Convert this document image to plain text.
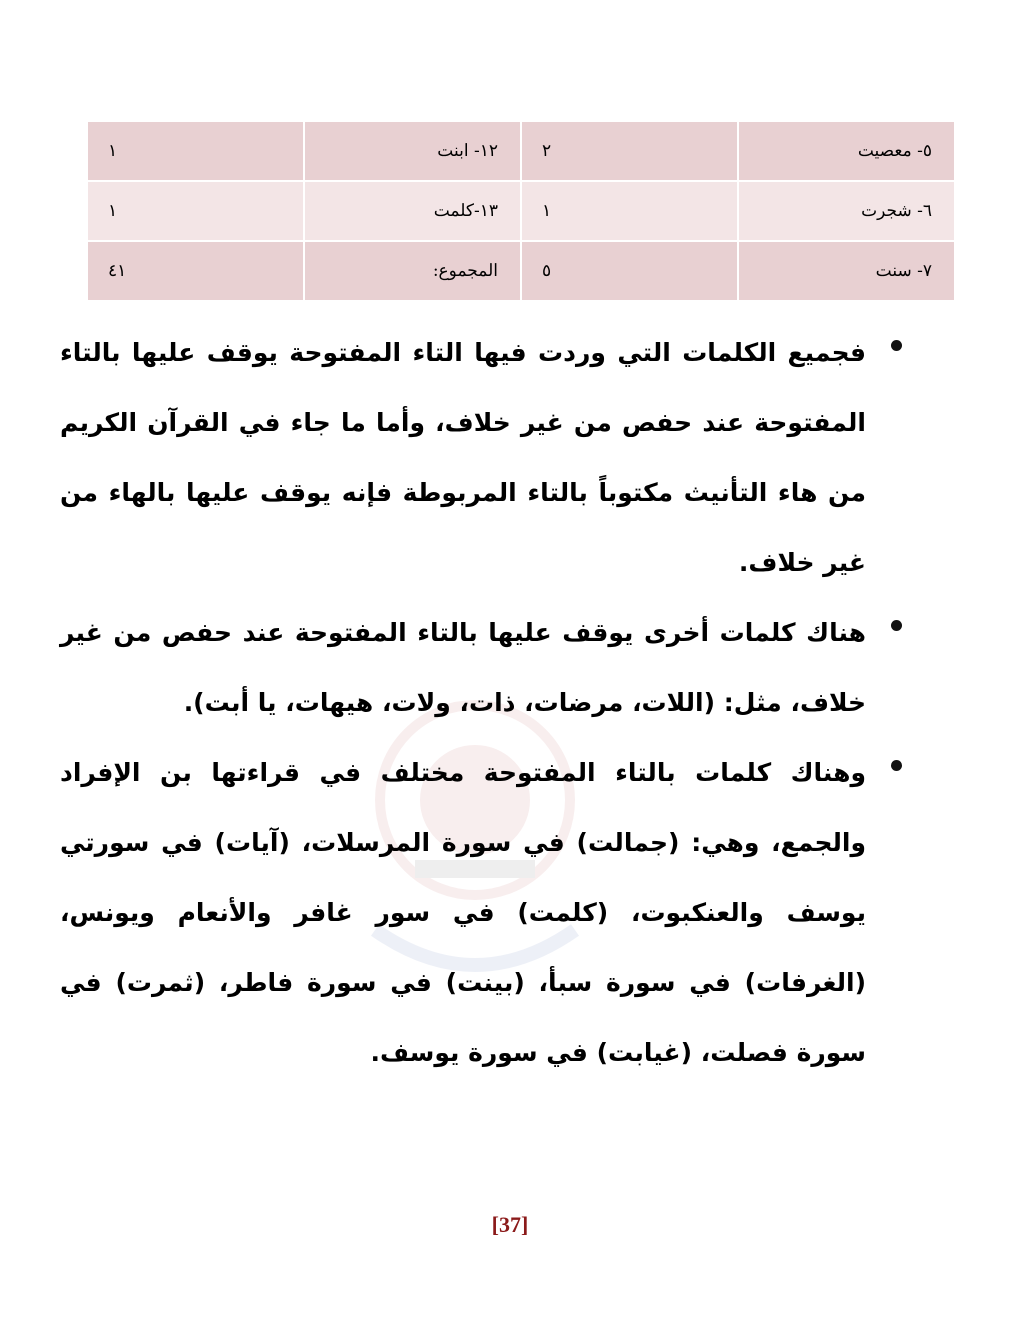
٥- معصيت	٢	١٢- ابنت	١
٦- شجرت	١	١٣-كلمت	١
٧- سنت	٥	المجموع:	٤١

فجميع الكلمات التي وردت فيها التاء المفتوحة يوقف عليها بالتاء المفتوحة عند حفص من غير خلاف، وأما ما جاء في القرآن الكريم من هاء التأنيث مكتوباً بالتاء المربوطة فإنه يوقف عليها بالهاء من غير خلاف.

هناك كلمات أخرى يوقف عليها بالتاء المفتوحة عند حفص من غير خلاف، مثل: (اللات، مرضات، ذات، ولات، هيهات، يا أبت).

وهناك كلمات بالتاء المفتوحة مختلف في قراءتها بن الإفراد والجمع، وهي: (جمالت) في سورة المرسلات، (آيات) في سورتي يوسف والعنكبوت، (كلمت) في سور غافر والأنعام ويونس، (الغرفات) في سورة سبأ، (بينت) في سورة فاطر، (ثمرت) في سورة فصلت، (غيابت) في سورة يوسف.

[37]
